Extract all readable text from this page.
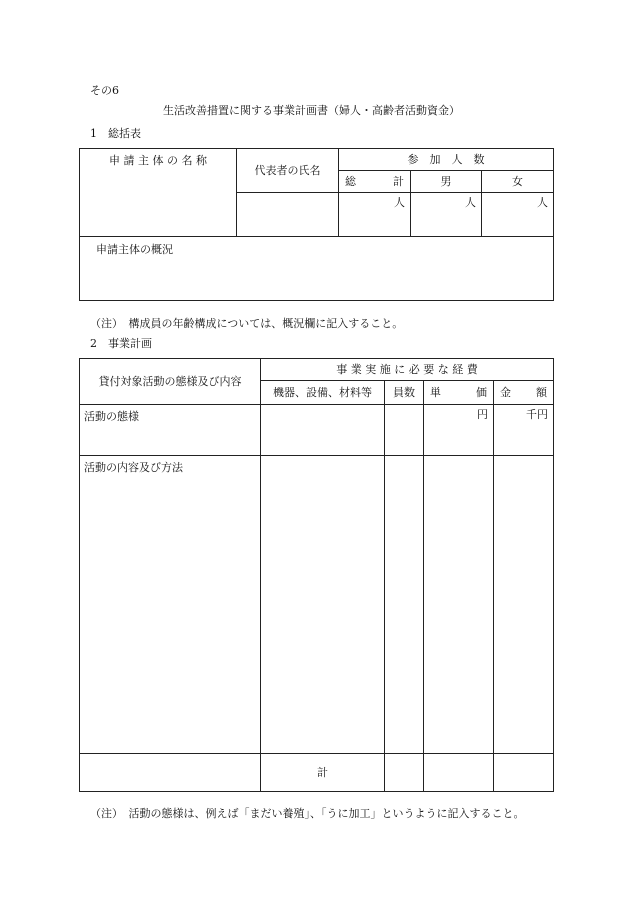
その6
生活改善措置に関する事業計画書（婦人・高齢者活動資金）
1　総括表
申 請 主 体 の 名 称	代表者の氏名	参　加　人　数		

		総 計	男	女
		人	人	人
申請主体の概況				
（注）　構成員の年齢構成については、概況欄に記入すること。
2　事業計画
貸付対象活動の態様及び内容	事 業 実 施 に 必 要 な 経 費			
	機器、設備、材料等	員数	単 価	金 額

活動の態様			円	千円
活動の内容及び方法				
	計			
（注）　活動の態様は、例えば「まだい養殖」、「うに加工」というように記入すること。
